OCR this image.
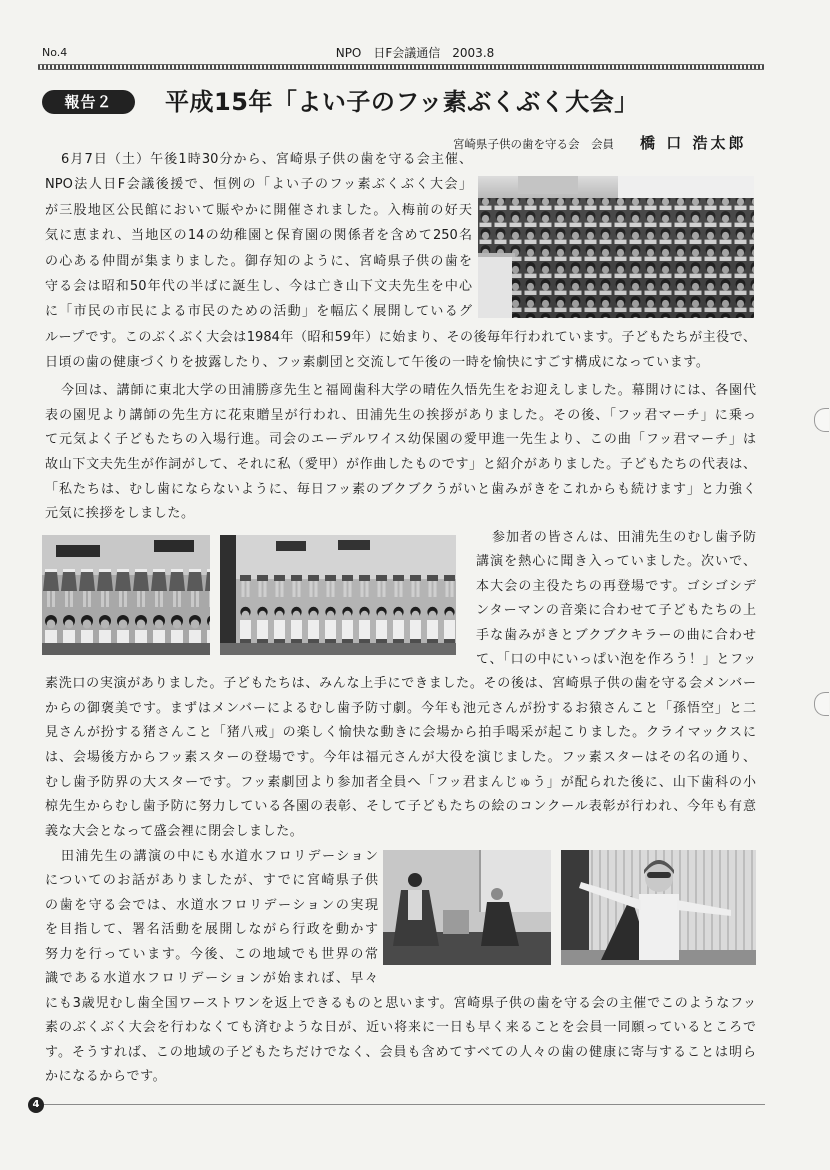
No.4	NPO　日F会議通信　2003.8
報告２	平成15年「よい子のフッ素ぶくぶく大会」
宮崎県子供の歯を守る会　会員 橋 口 浩太郎
6月7日（土）午後1時30分から、宮崎県子供の歯を守る会主催、
NPO法人日F会議後援で、恒例の「よい子のフッ素ぶくぶく大会」
が三股地区公民館において賑やかに開催されました。入梅前の好天
気に恵まれ、当地区の14の幼稚園と保育園の関係者を含めて250名
の心ある仲間が集まりました。御存知のように、宮崎県子供の歯を
守る会は昭和50年代の半ばに誕生し、今は亡き山下文夫先生を中心
に「市民の市民による市民のための活動」を幅広く展開しているグ
ループです。このぶくぶく大会は1984年（昭和59年）に始まり、その後毎年行われています。子どもたちが主役で、
日頃の歯の健康づくりを披露したり、フッ素劇団と交流して午後の一時を愉快にすごす構成になっています。
今回は、講師に東北大学の田浦勝彦先生と福岡歯科大学の晴佐久悟先生をお迎えしました。幕開けには、各園代
表の園児より講師の先生方に花束贈呈が行われ、田浦先生の挨拶がありました。その後、「フッ君マーチ」に乗っ
て元気よく子どもたちの入場行進。司会のエーデルワイス幼保園の愛甲進一先生より、この曲「フッ君マーチ」は
故山下文夫先生が作詞がして、それに私（愛甲）が作曲したものです」と紹介がありました。子どもたちの代表は、
「私たちは、むし歯にならないように、毎日フッ素のブクブクうがいと歯みがきをこれからも続けます」と力強く
元気に挨拶をしました。
参加者の皆さんは、田浦先生のむし歯予防
講演を熱心に聞き入っていました。次いで、
本大会の主役たちの再登場です。ゴシゴシデ
ンターマンの音楽に合わせて子どもたちの上
手な歯みがきとブクブクキラーの曲に合わせ
て、「口の中にいっぱい泡を作ろう！」とフッ
素洗口の実演がありました。子どもたちは、みんな上手にできました。その後は、宮崎県子供の歯を守る会メンバー
からの御褒美です。まずはメンバーによるむし歯予防寸劇。今年も池元さんが扮するお猿さんこと「孫悟空」と二
見さんが扮する猪さんこと「猪八戒」の楽しく愉快な動きに会場から拍手喝采が起こりました。クライマックスに
は、会場後方からフッ素スターの登場です。今年は福元さんが大役を演じました。フッ素スターはその名の通り、
むし歯予防界の大スターです。フッ素劇団より参加者全員へ「フッ君まんじゅう」が配られた後に、山下歯科の小
椋先生からむし歯予防に努力している各園の表彰、そして子どもたちの絵のコンクール表彰が行われ、今年も有意
義な大会となって盛会裡に閉会しました。
田浦先生の講演の中にも水道水フロリデーション
についてのお話がありましたが、すでに宮崎県子供
の歯を守る会では、水道水フロリデーションの実現
を目指して、署名活動を展開しながら行政を動かす
努力を行っています。今後、この地域でも世界の常
識である水道水フロリデーションが始まれば、早々
にも3歳児むし歯全国ワーストワンを返上できるものと思います。宮崎県子供の歯を守る会の主催でこのようなフッ
素のぶくぶく大会を行わなくても済むような日が、近い将来に一日も早く来ることを会員一同願っているところで
す。そうすれば、この地域の子どもたちだけでなく、会員も含めてすべての人々の歯の健康に寄与することは明ら
かになるからです。
4
